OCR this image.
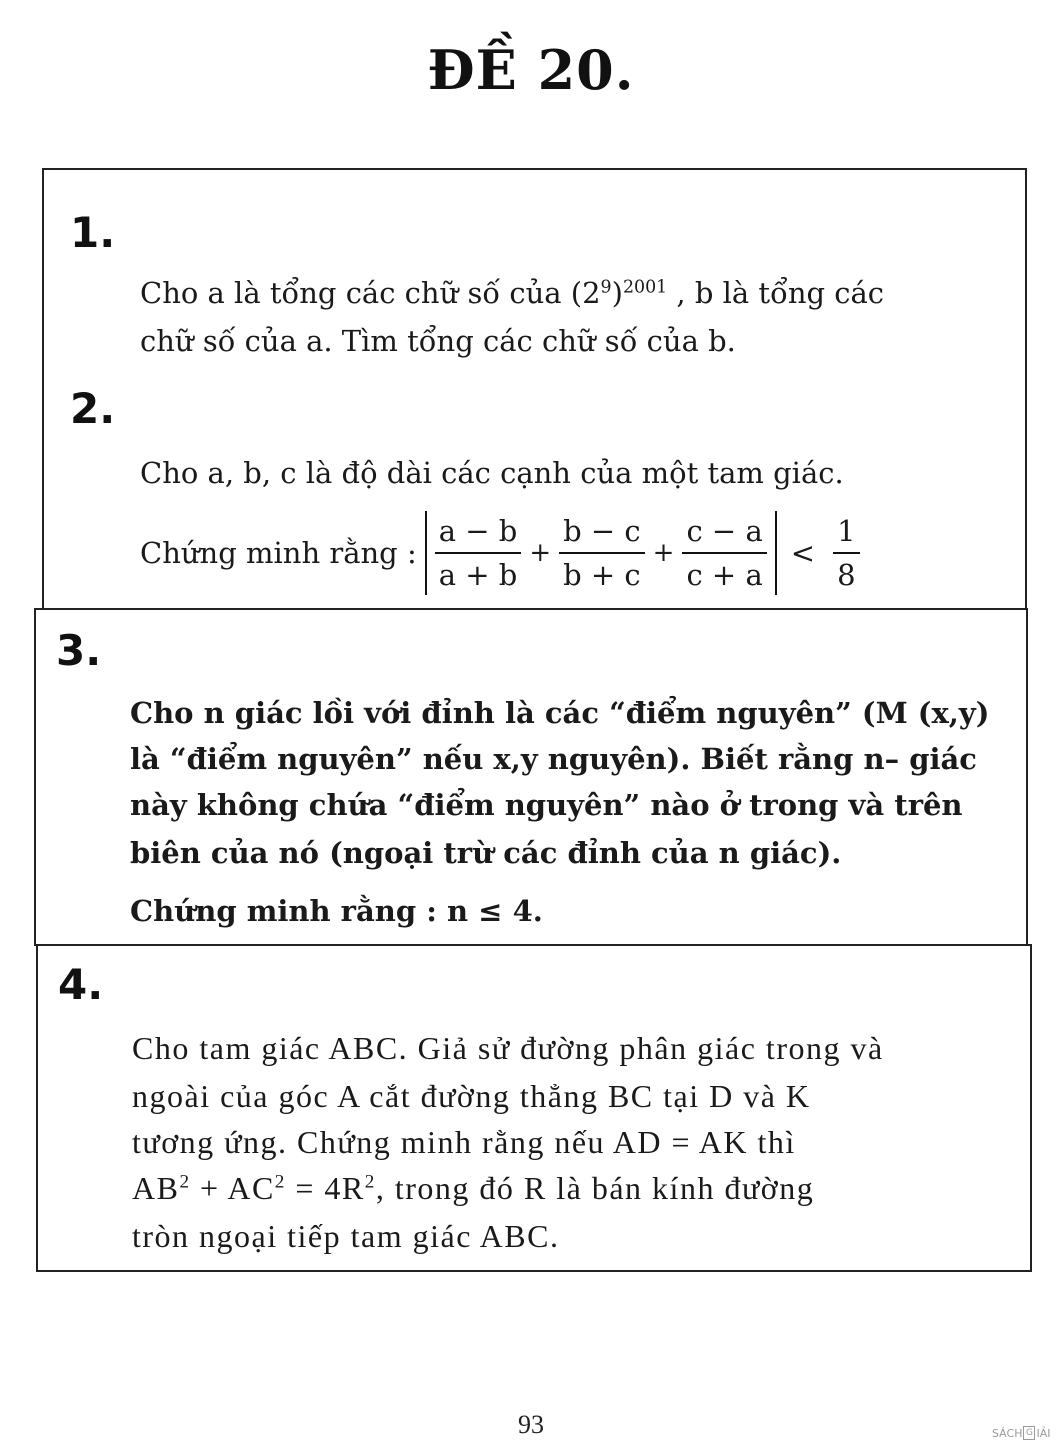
ĐỀ 20.
1.
Cho a là tổng các chữ số của $(2^9)^{2001}$ , b là tổng các
chữ số của a. Tìm tổng các chữ số của b.
2.
Cho a, b, c là độ dài các cạnh của một tam giác.
Chứng minh rằng : $\frac{a - b}{a + b} + \frac{b - c}{b + c} + \frac{c - a}{c + a} < \frac{1}{8}$
3.
Cho n giác lồi với đỉnh là các “điểm nguyên” (M (x,y)
là “điểm nguyên” nếu x,y nguyên). Biết rằng n– giác
này không chứa “điểm nguyên” nào ở trong và trên
biên của nó (ngoại trừ các đỉnh của n giác).
Chứng minh rằng : n ≤ 4.
4.
Cho tam giác ABC. Giả sử đường phân giác trong và
ngoài của góc A cắt đường thẳng BC tại D và K
tương ứng. Chứng minh rằng nếu AD = AK thì
$AB^2 + AC^2 = 4R^2$, trong đó R là bán kính đường
tròn ngoại tiếp tam giác ABC.
93	SÁCH G IẢI
